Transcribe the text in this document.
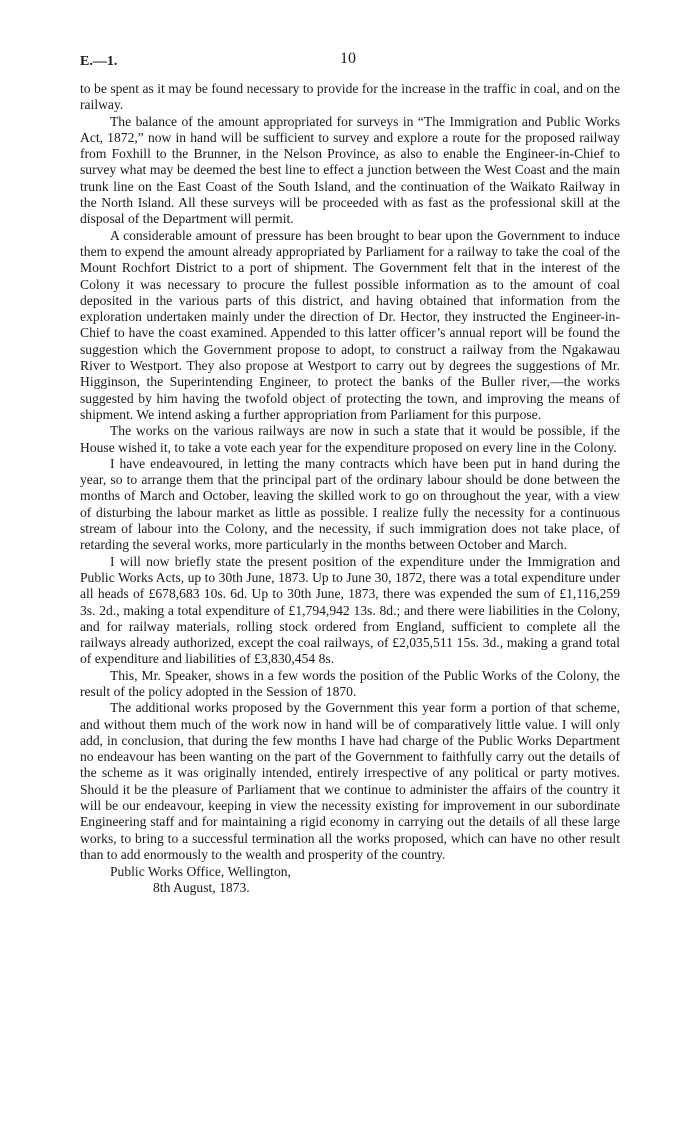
E.—1.	10

to be spent as it may be found necessary to provide for the increase in the traffic in coal, and on the railway.

The balance of the amount appropriated for surveys in “The Immigration and Public Works Act, 1872,” now in hand will be sufficient to survey and explore a route for the proposed railway from Foxhill to the Brunner, in the Nelson Province, as also to enable the Engineer-in-Chief to survey what may be deemed the best line to effect a junction between the West Coast and the main trunk line on the East Coast of the South Island, and the continuation of the Waikato Railway in the North Island. All these surveys will be proceeded with as fast as the professional skill at the disposal of the Department will permit.

A considerable amount of pressure has been brought to bear upon the Government to induce them to expend the amount already appropriated by Parliament for a railway to take the coal of the Mount Rochfort District to a port of shipment. The Government felt that in the interest of the Colony it was necessary to procure the fullest possible information as to the amount of coal deposited in the various parts of this district, and having obtained that information from the exploration undertaken mainly under the direction of Dr. Hector, they instructed the Engineer-in-Chief to have the coast examined. Appended to this latter officer’s annual report will be found the suggestion which the Government propose to adopt, to construct a railway from the Ngakawau River to Westport. They also propose at Westport to carry out by degrees the suggestions of Mr. Higginson, the Superintending Engineer, to protect the banks of the Buller river,—the works suggested by him having the twofold object of protecting the town, and improving the means of shipment. We intend asking a further appropriation from Parliament for this purpose.

The works on the various railways are now in such a state that it would be possible, if the House wished it, to take a vote each year for the expenditure proposed on every line in the Colony.

I have endeavoured, in letting the many contracts which have been put in hand during the year, so to arrange them that the principal part of the ordinary labour should be done between the months of March and October, leaving the skilled work to go on throughout the year, with a view of disturbing the labour market as little as possible. I realize fully the necessity for a continuous stream of labour into the Colony, and the necessity, if such immigration does not take place, of retarding the several works, more particularly in the months between October and March.

I will now briefly state the present position of the expenditure under the Immigration and Public Works Acts, up to 30th June, 1873. Up to June 30, 1872, there was a total expenditure under all heads of £678,683 10s. 6d. Up to 30th June, 1873, there was expended the sum of £1,116,259 3s. 2d., making a total expenditure of £1,794,942 13s. 8d.; and there were liabilities in the Colony, and for railway materials, rolling stock ordered from England, sufficient to complete all the railways already authorized, except the coal railways, of £2,035,511 15s. 3d., making a grand total of expenditure and liabilities of £3,830,454 8s.

This, Mr. Speaker, shows in a few words the position of the Public Works of the Colony, the result of the policy adopted in the Session of 1870.

The additional works proposed by the Government this year form a portion of that scheme, and without them much of the work now in hand will be of comparatively little value. I will only add, in conclusion, that during the few months I have had charge of the Public Works Department no endeavour has been wanting on the part of the Government to faithfully carry out the details of the scheme as it was originally intended, entirely irrespective of any political or party motives. Should it be the pleasure of Parliament that we continue to administer the affairs of the country it will be our endeavour, keeping in view the necessity existing for improvement in our subordinate Engineering staff and for maintaining a rigid economy in carrying out the details of all these large works, to bring to a successful termination all the works proposed, which can have no other result than to add enormously to the wealth and prosperity of the country.

Public Works Office, Wellington,
8th August, 1873.
